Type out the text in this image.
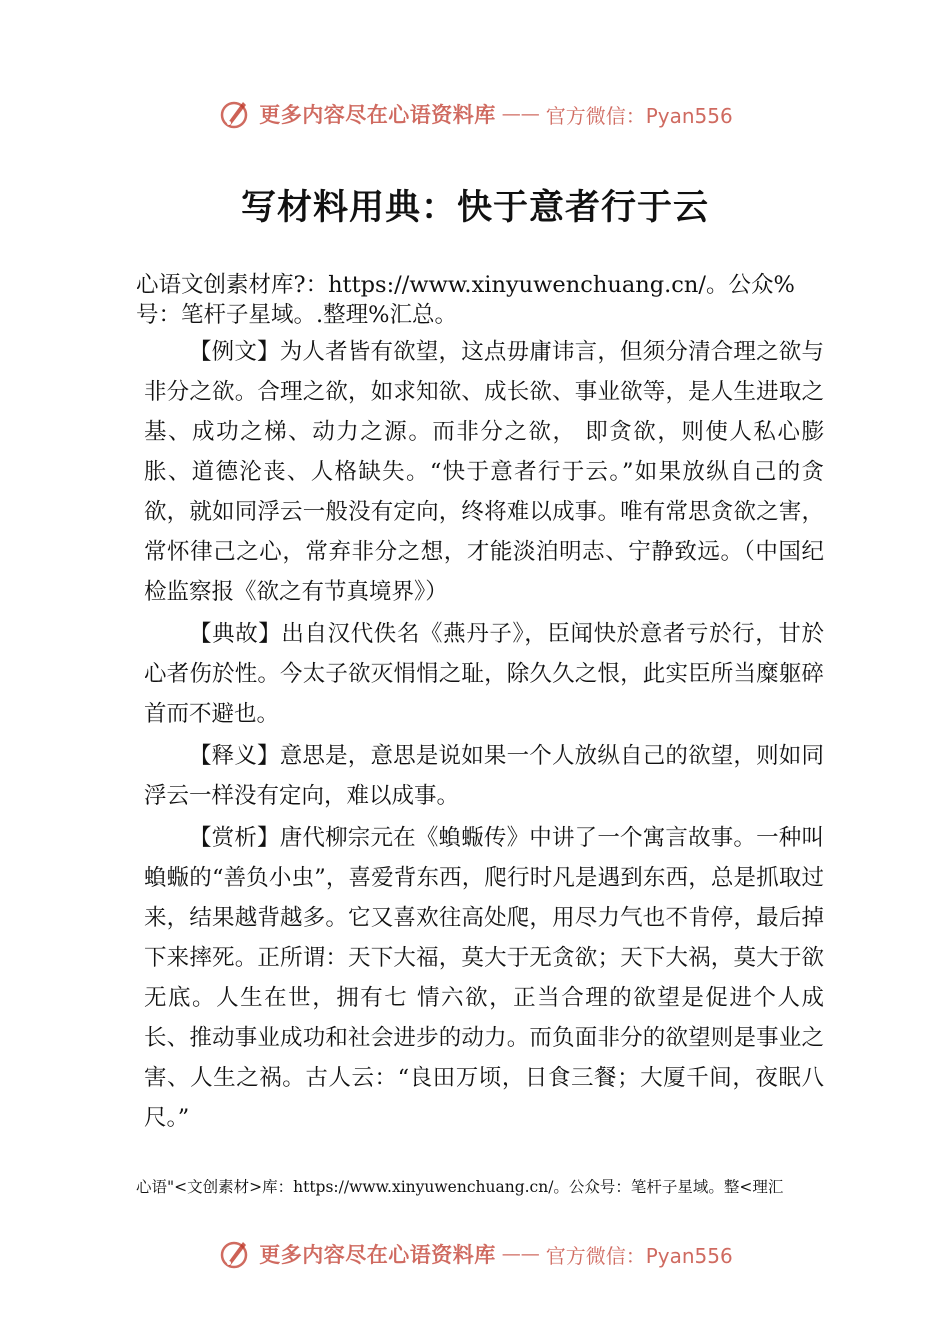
更多内容尽在心语资料库 —— 官方微信：Pyan556
写材料用典：快于意者行于云
心语文创素材库?：https://www.xinyuwenchuang.cn/。公众%号：笔杆子星域。.整理%汇总。

【例文】为人者皆有欲望，这点毋庸讳言，但须分清合理之欲与非分之欲。合理之欲，如求知欲、成长欲、事业欲等，是人生进取之基、成功之梯、动力之源。而非分之欲， 即贪欲，则使人私心膨胀、道德沦丧、人格缺失。“快于意者行于云。”如果放纵自己的贪欲，就如同浮云一般没有定向，终将难以成事。唯有常思贪欲之害，常怀律己之心，常弃非分之想，才能淡泊明志、宁静致远。（中国纪检监察报《欲之有节真境界》）

【典故】出自汉代佚名《燕丹子》，臣闻快於意者亏於行，甘於心者伤於性。今太子欲灭悁悁之耻，除久久之恨，此实臣所当糜躯碎首而不避也。

【释义】意思是，意思是说如果一个人放纵自己的欲望，则如同浮云一样没有定向，难以成事。

【赏析】唐代柳宗元在《蝜蝂传》中讲了一个寓言故事。一种叫蝜蝂的“善负小虫”，喜爱背东西，爬行时凡是遇到东西，总是抓取过来，结果越背越多。它又喜欢往高处爬，用尽力气也不肯停，最后掉下来摔死。正所谓：天下大福，莫大于无贪欲；天下大祸，莫大于欲无底。人生在世，拥有七 情六欲，正当合理的欲望是促进个人成长、推动事业成功和社会进步的动力。而负面非分的欲望则是事业之害、人生之祸。古人云：“良田万顷，日食三餐；大厦千间，夜眠八尺。”

心语"<文创素材>库：https://www.xinyuwenchuang.cn/。公众号：笔杆子星域。整<理汇
更多内容尽在心语资料库 —— 官方微信：Pyan556
